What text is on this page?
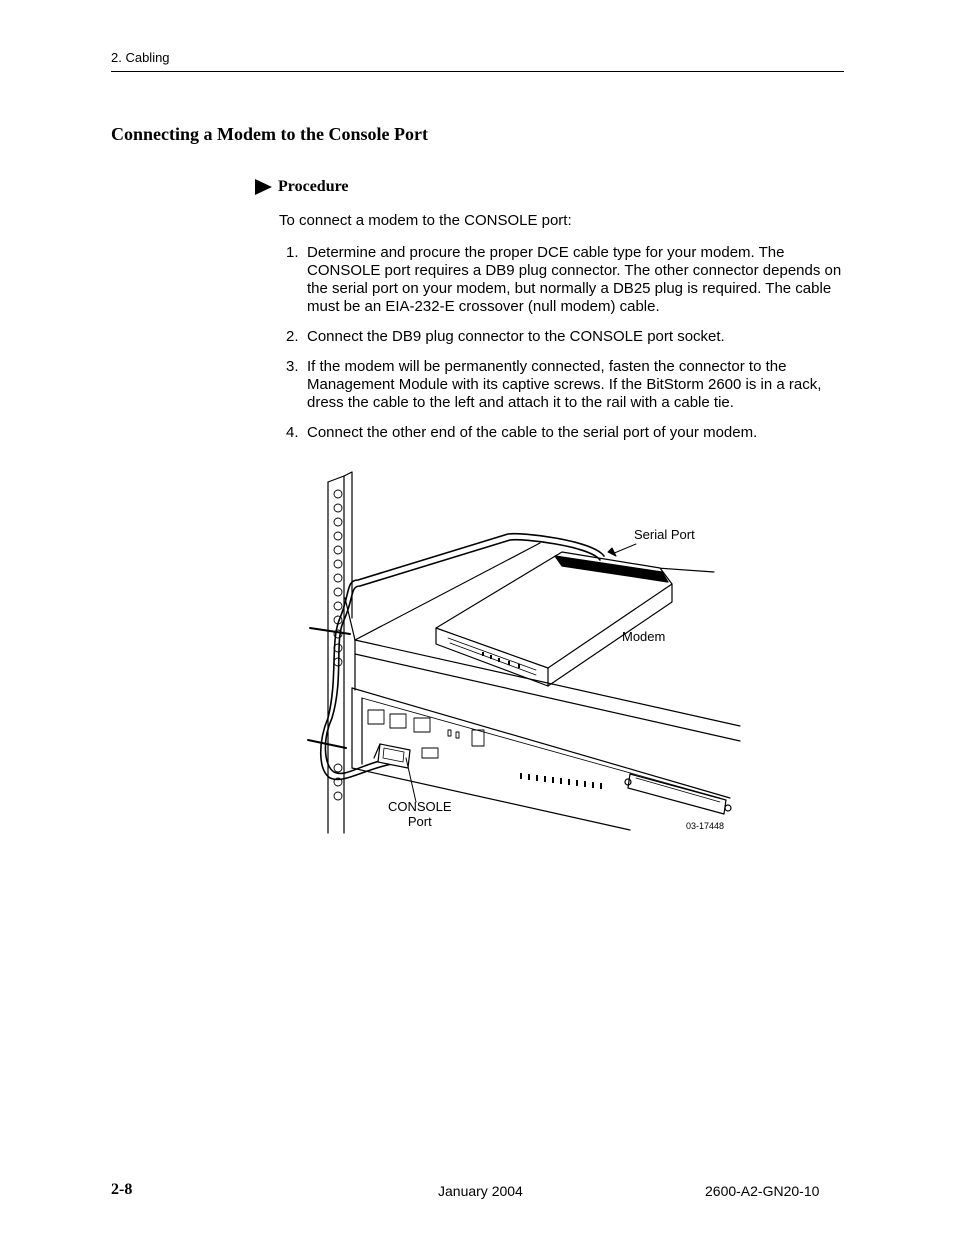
2. Cabling
Connecting a Modem to the Console Port
Procedure
To connect a modem to the CONSOLE port:
1. Determine and procure the proper DCE cable type for your modem. The CONSOLE port requires a DB9 plug connector. The other connector depends on the serial port on your modem, but normally a DB25 plug is required. The cable must be an EIA-232-E crossover (null modem) cable.
2. Connect the DB9 plug connector to the CONSOLE port socket.
3. If the modem will be permanently connected, fasten the connector to the Management Module with its captive screws. If the BitStorm 2600 is in a rack, dress the cable to the left and attach it to the rail with a cable tie.
4. Connect the other end of the cable to the serial port of your modem.
Serial Port
Modem
CONSOLE
Port	03-17448
2-8	January 2004	2600-A2-GN20-10
